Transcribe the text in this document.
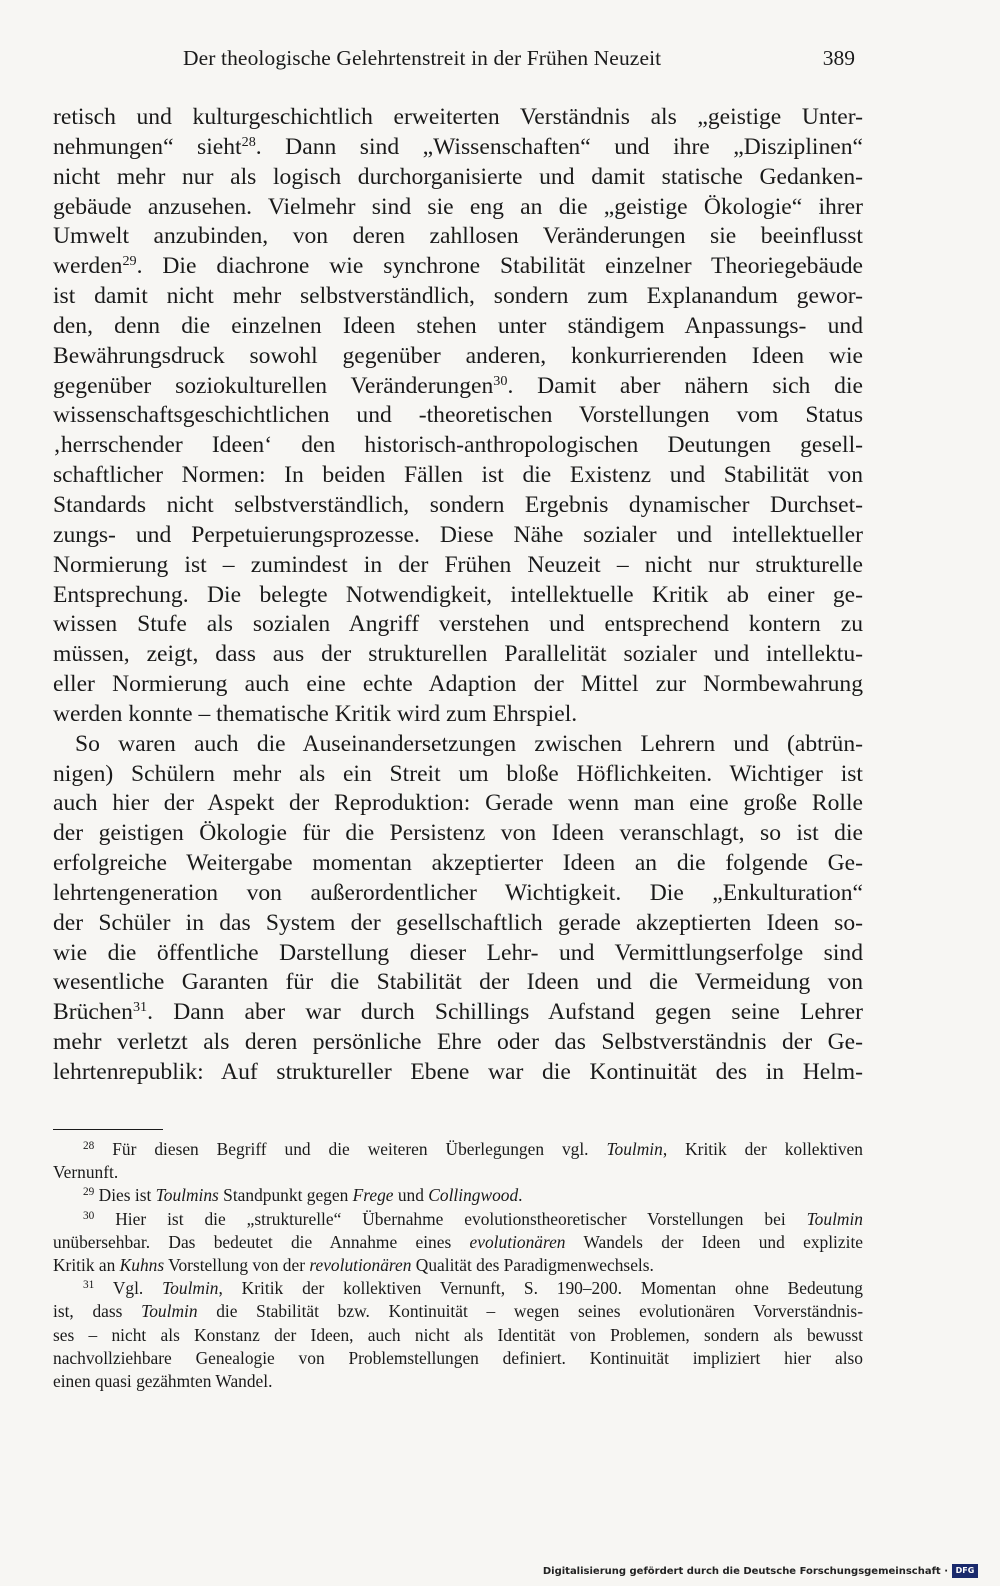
Der theologische Gelehrtenstreit in der Frühen Neuzeit	389
retisch und kulturgeschichtlich erweiterten Verständnis als „geistige Unter-
nehmungen“ sieht$^{28}$. Dann sind „Wissenschaften“ und ihre „Disziplinen“
nicht mehr nur als logisch durchorganisierte und damit statische Gedanken-
gebäude anzusehen. Vielmehr sind sie eng an die „geistige Ökologie“ ihrer
Umwelt anzubinden, von deren zahllosen Veränderungen sie beeinflusst
werden$^{29}$. Die diachrone wie synchrone Stabilität einzelner Theoriegebäude
ist damit nicht mehr selbstverständlich, sondern zum Explanandum gewor-
den, denn die einzelnen Ideen stehen unter ständigem Anpassungs- und
Bewährungsdruck sowohl gegenüber anderen, konkurrierenden Ideen wie
gegenüber soziokulturellen Veränderungen$^{30}$. Damit aber nähern sich die
wissenschaftsgeschichtlichen und -theoretischen Vorstellungen vom Status
‚herrschender Ideen‘ den historisch-anthropologischen Deutungen gesell-
schaftlicher Normen: In beiden Fällen ist die Existenz und Stabilität von
Standards nicht selbstverständlich, sondern Ergebnis dynamischer Durchset-
zungs- und Perpetuierungsprozesse. Diese Nähe sozialer und intellektueller
Normierung ist – zumindest in der Frühen Neuzeit – nicht nur strukturelle
Entsprechung. Die belegte Notwendigkeit, intellektuelle Kritik ab einer ge-
wissen Stufe als sozialen Angriff verstehen und entsprechend kontern zu
müssen, zeigt, dass aus der strukturellen Parallelität sozialer und intellektu-
eller Normierung auch eine echte Adaption der Mittel zur Normbewahrung
werden konnte – thematische Kritik wird zum Ehrspiel.
So waren auch die Auseinandersetzungen zwischen Lehrern und (abtrün-
nigen) Schülern mehr als ein Streit um bloße Höflichkeiten. Wichtiger ist
auch hier der Aspekt der Reproduktion: Gerade wenn man eine große Rolle
der geistigen Ökologie für die Persistenz von Ideen veranschlagt, so ist die
erfolgreiche Weitergabe momentan akzeptierter Ideen an die folgende Ge-
lehrtengeneration von außerordentlicher Wichtigkeit. Die „Enkulturation“
der Schüler in das System der gesellschaftlich gerade akzeptierten Ideen so-
wie die öffentliche Darstellung dieser Lehr- und Vermittlungserfolge sind
wesentliche Garanten für die Stabilität der Ideen und die Vermeidung von
Brüchen$^{31}$. Dann aber war durch Schillings Aufstand gegen seine Lehrer
mehr verletzt als deren persönliche Ehre oder das Selbstverständnis der Ge-
lehrtenrepublik: Auf struktureller Ebene war die Kontinuität des in Helm-
$^{28}$ Für diesen Begriff und die weiteren Überlegungen vgl. Toulmin, Kritik der kollektiven
Vernunft.
$^{29}$ Dies ist Toulmins Standpunkt gegen Frege und Collingwood.
$^{30}$ Hier ist die „strukturelle“ Übernahme evolutionstheoretischer Vorstellungen bei Toulmin
unübersehbar. Das bedeutet die Annahme eines evolutionären Wandels der Ideen und explizite
Kritik an Kuhns Vorstellung von der revolutionären Qualität des Paradigmenwechsels.
$^{31}$ Vgl. Toulmin, Kritik der kollektiven Vernunft, S. 190–200. Momentan ohne Bedeutung
ist, dass Toulmin die Stabilität bzw. Kontinuität – wegen seines evolutionären Vorverständnis-
ses – nicht als Konstanz der Ideen, auch nicht als Identität von Problemen, sondern als bewusst
nachvollziehbare Genealogie von Problemstellungen definiert. Kontinuität impliziert hier also
einen quasi gezähmten Wandel.
Digitalisierung gefördert durch die Deutsche Forschungsgemeinschaft · DFG
